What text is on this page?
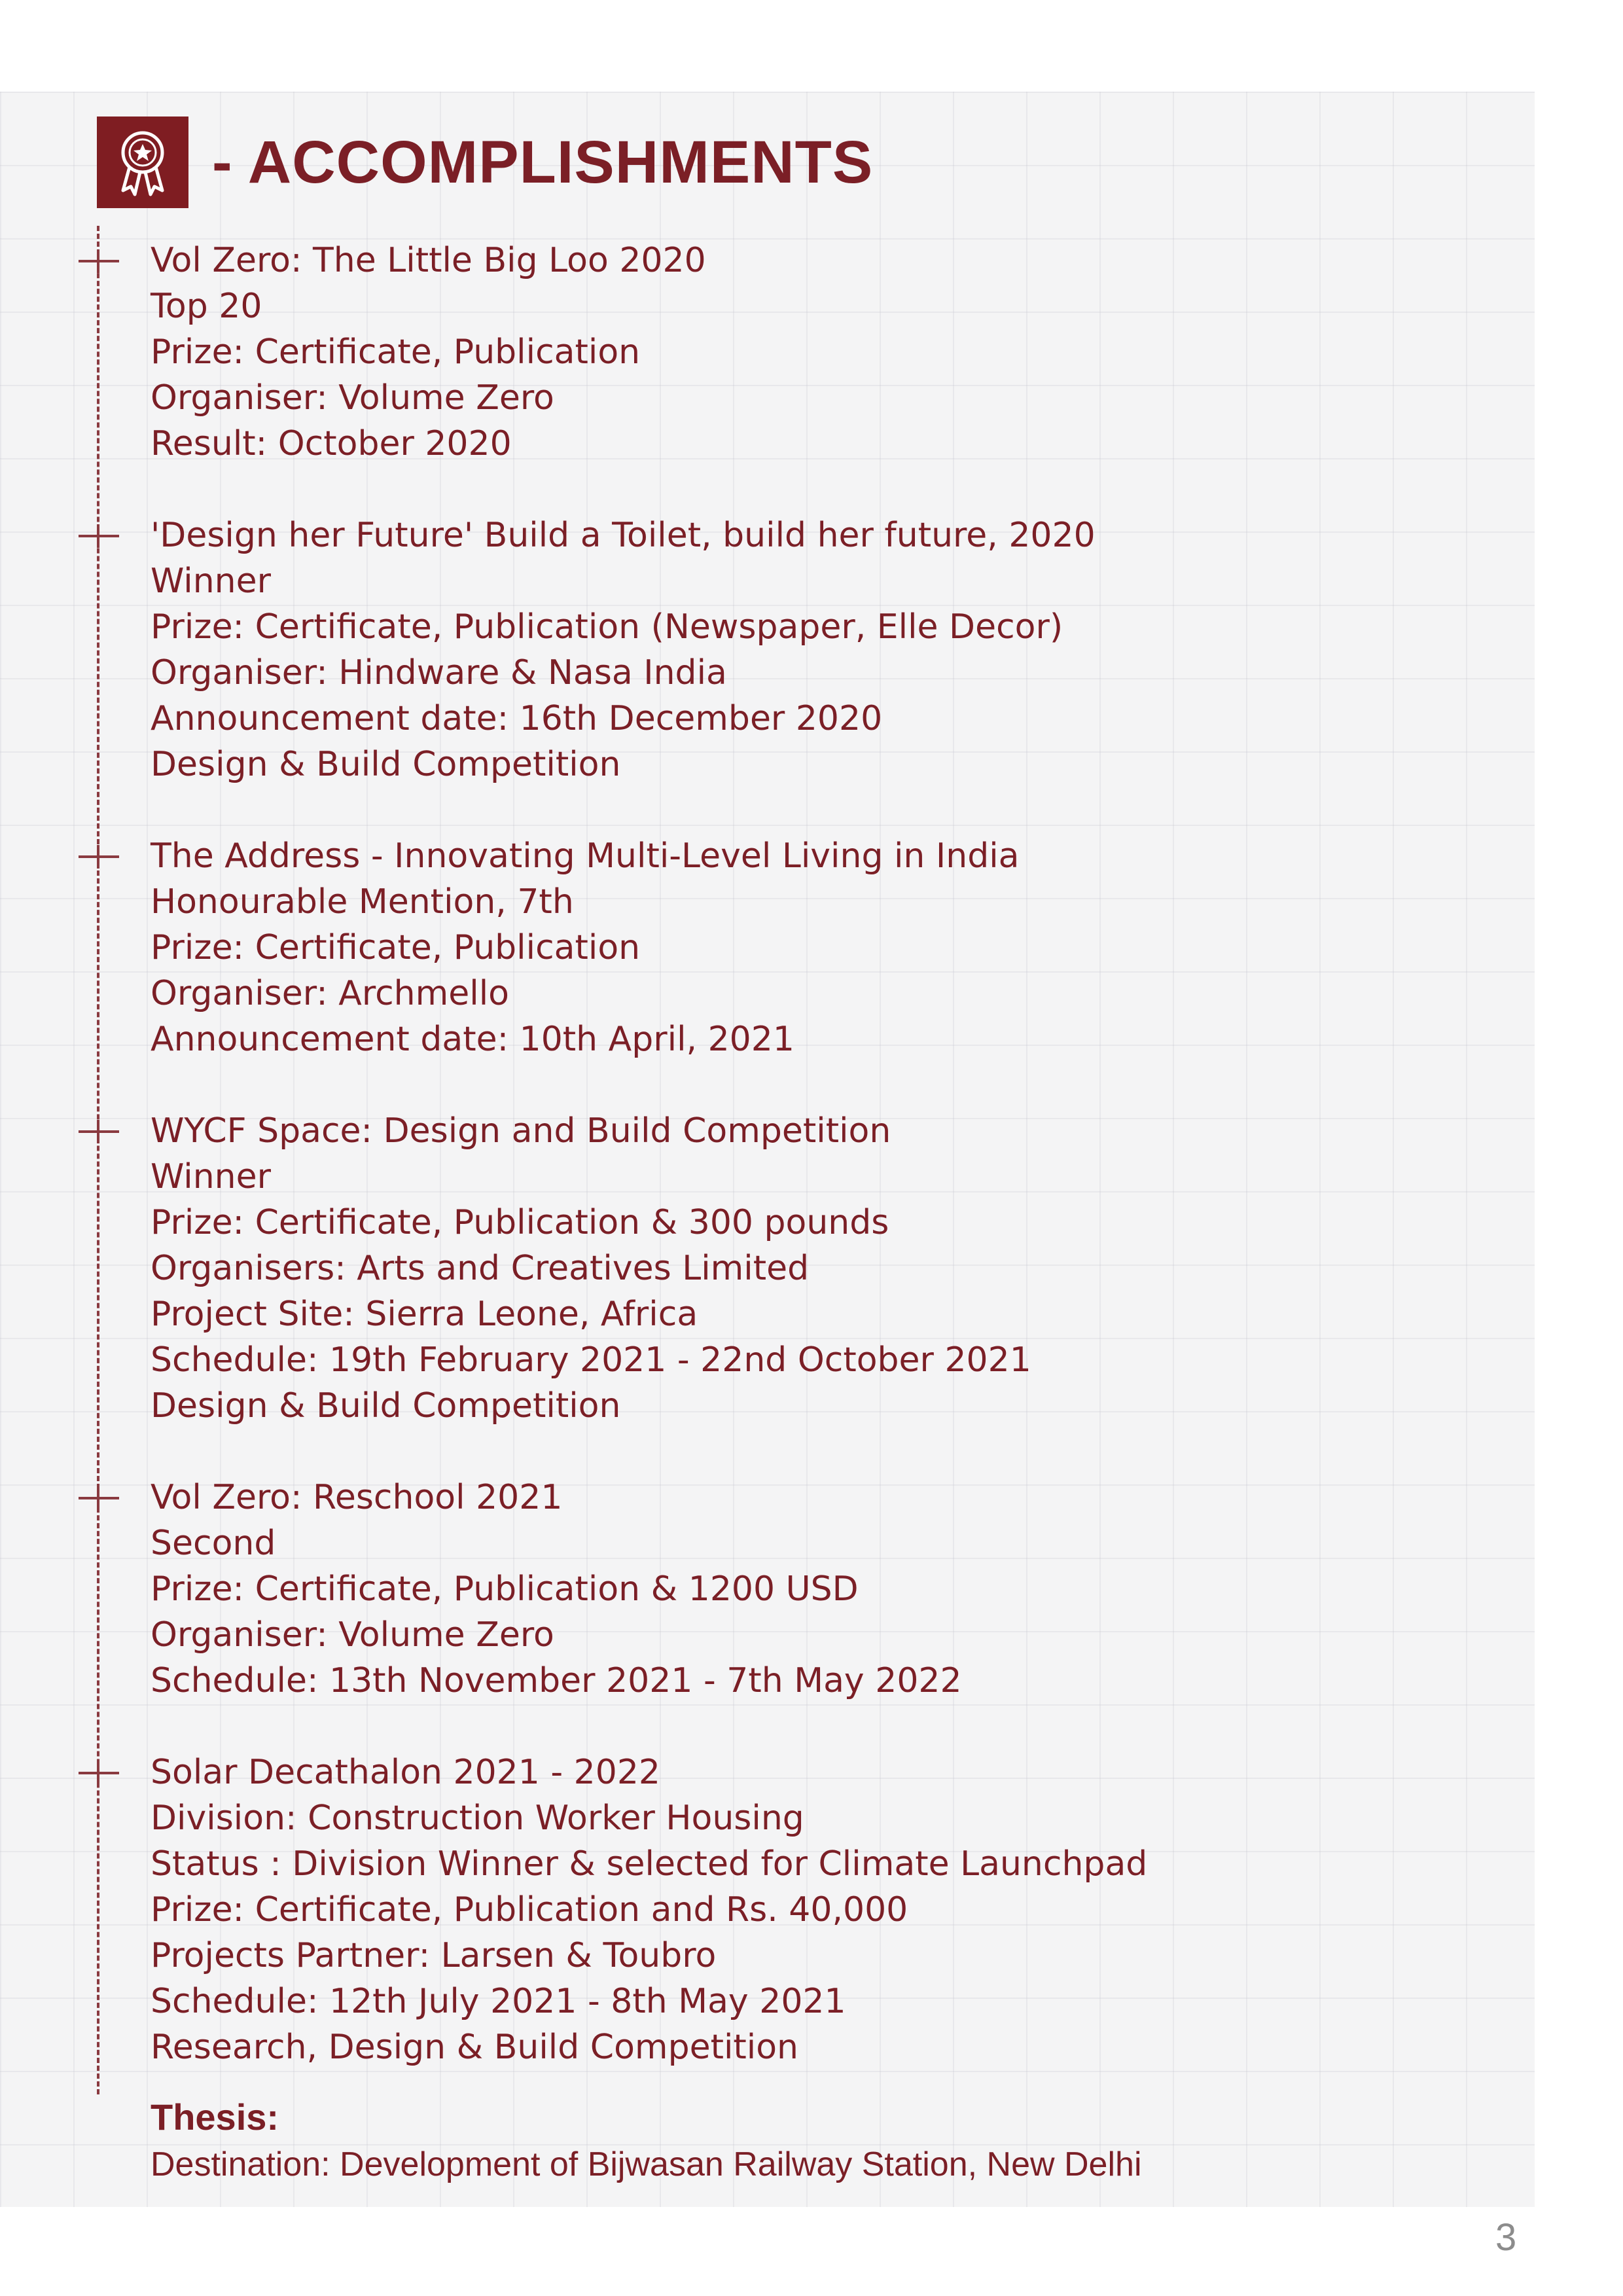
- ACCOMPLISHMENTS
Vol Zero: The Little Big Loo 2020
Top 20
Prize: Certificate, Publication
Organiser: Volume Zero
Result: October 2020
'Design her Future' Build a Toilet, build her future, 2020
Winner
Prize: Certificate, Publication (Newspaper, Elle Decor)
Organiser: Hindware & Nasa India
Announcement date: 16th December 2020
Design & Build Competition
The Address - Innovating Multi-Level Living in India
Honourable Mention, 7th
Prize: Certificate, Publication
Organiser: Archmello
Announcement date: 10th April, 2021
WYCF Space: Design and Build Competition
Winner
Prize: Certificate, Publication & 300 pounds
Organisers: Arts and Creatives Limited
Project Site: Sierra Leone, Africa
Schedule: 19th February 2021 - 22nd October 2021
Design & Build Competition
Vol Zero: Reschool 2021
Second
Prize: Certificate, Publication & 1200 USD
Organiser: Volume Zero
Schedule: 13th November 2021 - 7th May 2022
Solar Decathalon 2021 - 2022
Division: Construction Worker Housing
Status : Division Winner & selected for Climate Launchpad
Prize: Certificate, Publication and Rs. 40,000
Projects Partner: Larsen & Toubro
Schedule: 12th July 2021 - 8th May 2021
Research, Design & Build Competition
Thesis:
Destination: Development of Bijwasan Railway Station, New Delhi
3
